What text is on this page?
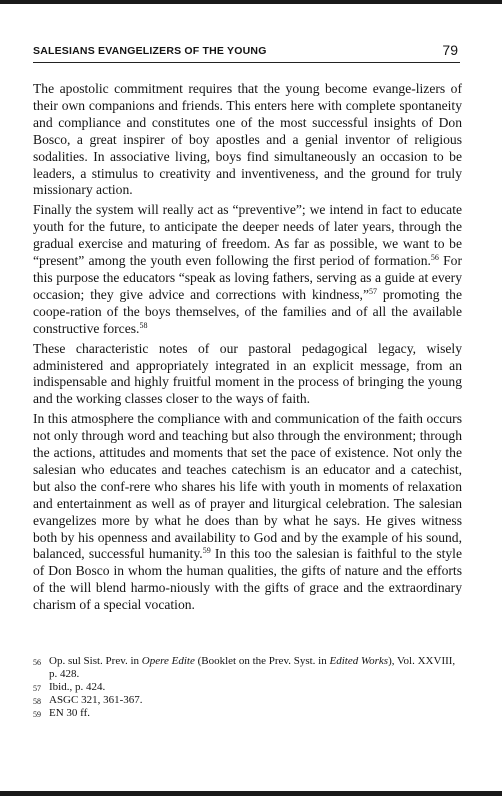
SALESIANS EVANGELIZERS OF THE YOUNG	79

The apostolic commitment requires that the young become evange-lizers of their own companions and friends. This enters here with complete spontaneity and compliance and constitutes one of the most successful insights of Don Bosco, a great inspirer of boy apostles and a genial inventor of religious sodalities. In associative living, boys find simultaneously an occasion to be leaders, a stimulus to creativity and inventiveness, and the ground for truly missionary action.

Finally the system will really act as “preventive”; we intend in fact to educate youth for the future, to anticipate the deeper needs of later years, through the gradual exercise and maturing of freedom. As far as possible, we want to be “present” among the youth even following the first period of formation.$^{56}$ For this purpose the educators “speak as loving fathers, serving as a guide at every occasion; they give advice and corrections with kindness,”$^{57}$ promoting the coope-ration of the boys themselves, of the families and of all the available constructive forces.$^{58}$

These characteristic notes of our pastoral pedagogical legacy, wisely administered and appropriately integrated in an explicit message, from an indispensable and highly fruitful moment in the process of bringing the young and the working classes closer to the ways of faith.

In this atmosphere the compliance with and communication of the faith occurs not only through word and teaching but also through the environment; through the actions, attitudes and moments that set the pace of existence. Not only the salesian who educates and teaches catechism is an educator and a catechist, but also the conf-rere who shares his life with youth in moments of relaxation and entertainment as well as of prayer and liturgical celebration. The salesian evangelizes more by what he does than by what he says. He gives witness both by his openness and availability to God and by the example of his sound, balanced, successful humanity.$^{59}$ In this too the salesian is faithful to the style of Don Bosco in whom the human qualities, the gifts of nature and the efforts of the will blend harmo-niously with the gifts of grace and the extraordinary charism of a special vocation.

56 Op. sul Sist. Prev. in Opere Edite (Booklet on the Prev. Syst. in Edited Works), Vol. XXVIII, p. 428.
57 Ibid., p. 424.
58 ASGC 321, 361-367.
59 EN 30 ff.
